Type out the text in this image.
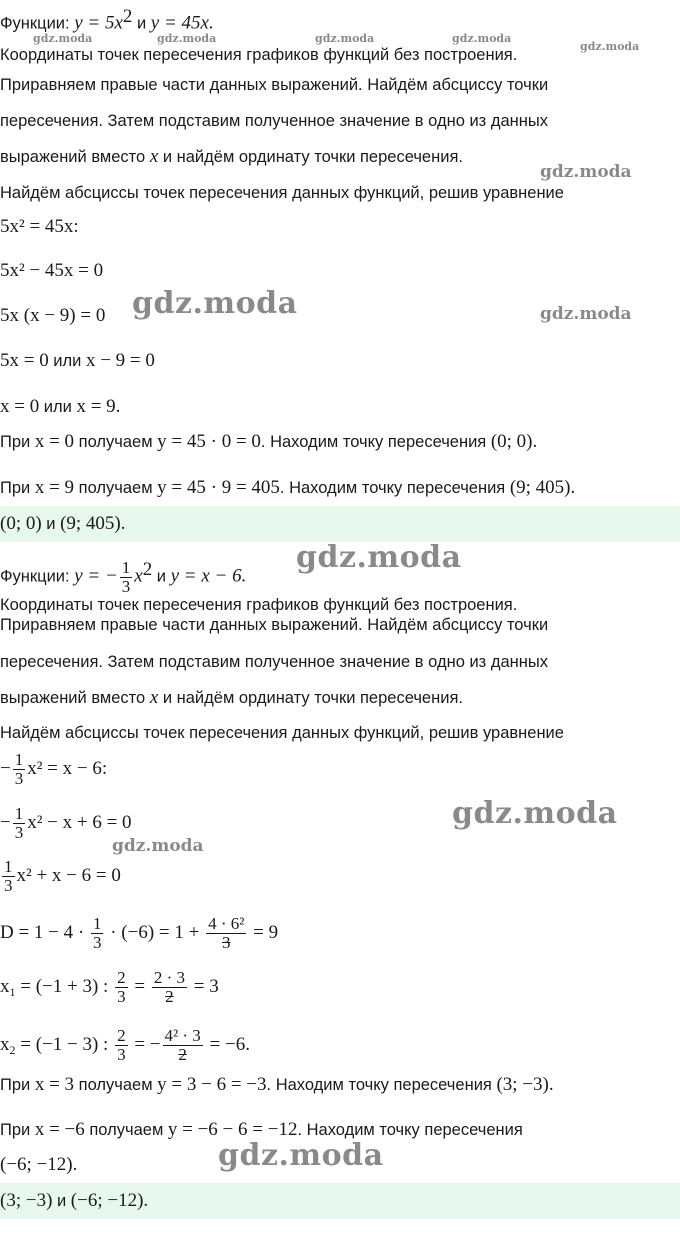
Функции: $y = 5x^2$ и y = 45x.
Координаты точек пересечения графиков функций без построения.
Приравняем правые части данных выражений. Найдём абсциссу точки
пересечения. Затем подставим полученное значение в одно из данных
выражений вместо x и найдём ординату точки пересечения.
Найдём абсциссы точек пересечения данных функций, решив уравнение
5x² = 45x:
5x² − 45x = 0
5x (x − 9) = 0
5x = 0 или x − 9 = 0
x = 0 или x = 9.
При x = 0 получаем y = 45 · 0 = 0. Находим точку пересечения (0; 0).
При x = 9 получаем y = 45 · 9 = 405. Находим точку пересечения (9; 405).
(0; 0) и (9; 405).
Функции: y = − $\frac{1}{3} x^2$ и y = x − 6.
Координаты точек пересечения графиков функций без построения.
Приравняем правые части данных выражений. Найдём абсциссу точки
пересечения. Затем подставим полученное значение в одно из данных
выражений вместо x и найдём ординату точки пересечения.
Найдём абсциссы точек пересечения данных функций, решив уравнение
− $\frac{1}{3} x^2 = x - 6$:
− $\frac{1}{3} x^2 - x + 6 = 0$
$\frac{1}{3} x^2 + x - 6 = 0$
$D = 1 - 4 \cdot \frac{1}{3} \cdot (-6) = 1 + \frac{\text{4 · 6²}}{3} = 9$
$x_1 = (-1 + 3)$ : $\frac{2}{3} = \frac{2 \cdot 3}{2} = 3$
$x_2 = (-1 - 3)$ : $\frac{2}{3}$ = − $\frac{\text{4² · 3}}{2} = -6$.
При x = 3 получаем y = 3 − 6 = −3. Находим точку пересечения (3; −3).
При x = −6 получаем y = −6 − 6 = −12. Находим точку пересечения
(−6; −12).
(3; −3) и (−6; −12).
gdz.moda	gdz.moda	gdz.moda	gdz.moda
gdz.moda
gdz.moda
gdz.moda	gdz.moda
gdz.moda
gdz.moda
gdz.moda
gdz.moda
